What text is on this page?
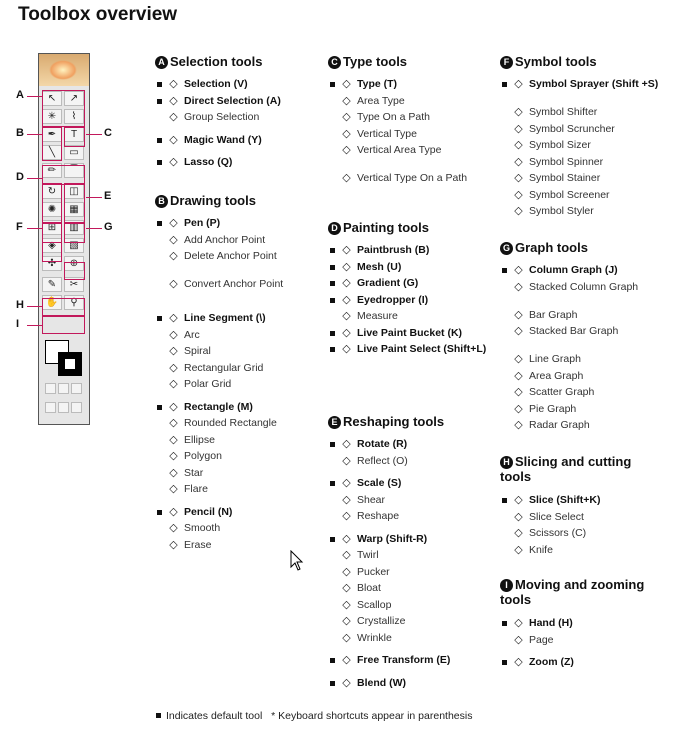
Toolbox overview
↖	↗
✳	⌇
✒	T
╲	▭
✏	⌒
↻	◫
✺	▦
⊞	▥
◈	▧
✣	⊕
✎	✂
✋	⚲
A
B	C
D
E
F	G
H
I
A Selection tools
◇ Selection (V)
◇ Direct Selection (A)
◇ Group Selection
◇ Magic Wand (Y)
◇ Lasso (Q)
B Drawing tools
◇ Pen (P)
◇ Add Anchor Point
◇ Delete Anchor Point
◇ Convert Anchor Point
◇ Line Segment (\)
◇ Arc
◇ Spiral
◇ Rectangular Grid
◇ Polar Grid
◇ Rectangle (M)
◇ Rounded Rectangle
◇ Ellipse
◇ Polygon
◇ Star
◇ Flare
◇ Pencil (N)
◇ Smooth
◇ Erase
C Type tools
◇ Type (T)
◇ Area Type
◇ Type On a Path
◇ Vertical Type
◇ Vertical Area Type
◇ Vertical Type On a Path
D Painting tools
◇ Paintbrush (B)
◇ Mesh (U)
◇ Gradient (G)
◇ Eyedropper (I)
◇ Measure
◇ Live Paint Bucket (K)
◇ Live Paint Select (Shift+L)
E Reshaping tools
◇ Rotate (R)
◇ Reflect (O)
◇ Scale (S)
◇ Shear
◇ Reshape
◇ Warp (Shift-R)
◇ Twirl
◇ Pucker
◇ Bloat
◇ Scallop
◇ Crystallize
◇ Wrinkle
◇ Free Transform (E)
◇ Blend (W)
F Symbol tools
◇ Symbol Sprayer (Shift +S)
◇ Symbol Shifter
◇ Symbol Scruncher
◇ Symbol Sizer
◇ Symbol Spinner
◇ Symbol Stainer
◇ Symbol Screener
◇ Symbol Styler
G Graph tools
◇ Column Graph (J)
◇ Stacked Column Graph
◇ Bar Graph
◇ Stacked Bar Graph
◇ Line Graph
◇ Area Graph
◇ Scatter Graph
◇ Pie Graph
◇ Radar Graph
H Slicing and cutting tools
◇ Slice (Shift+K)
◇ Slice Select
◇ Scissors (C)
◇ Knife
I Moving and zooming tools
◇ Hand (H)
◇ Page
◇ Zoom (Z)
Indicates default tool * Keyboard shortcuts appear in parenthesis
